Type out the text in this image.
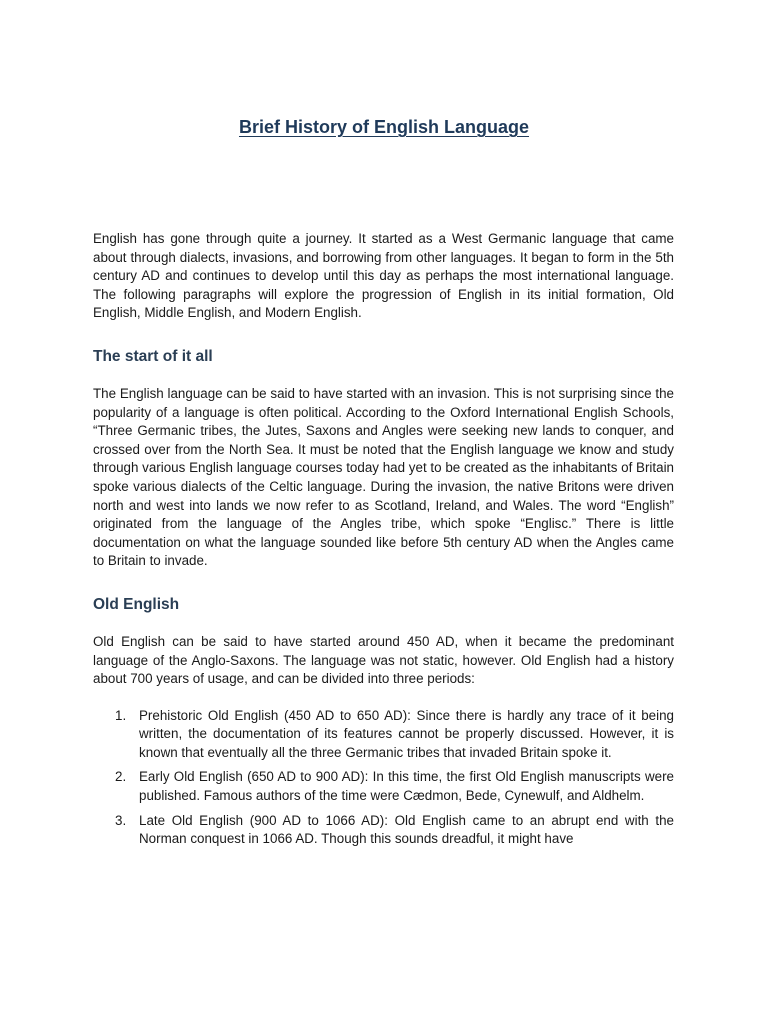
Brief History of English Language

English has gone through quite a journey. It started as a West Germanic language that came about through dialects, invasions, and borrowing from other languages. It began to form in the 5th century AD and continues to develop until this day as perhaps the most international language. The following paragraphs will explore the progression of English in its initial formation, Old English, Middle English, and Modern English.

The start of it all

The English language can be said to have started with an invasion. This is not surprising since the popularity of a language is often political. According to the Oxford International English Schools, “Three Germanic tribes, the Jutes, Saxons and Angles were seeking new lands to conquer, and crossed over from the North Sea. It must be noted that the English language we know and study through various English language courses today had yet to be created as the inhabitants of Britain spoke various dialects of the Celtic language. During the invasion, the native Britons were driven north and west into lands we now refer to as Scotland, Ireland, and Wales. The word “English” originated from the language of the Angles tribe, which spoke “Englisc.” There is little documentation on what the language sounded like before 5th century AD when the Angles came to Britain to invade.

Old English

Old English can be said to have started around 450 AD, when it became the predominant language of the Anglo-Saxons. The language was not static, however. Old English had a history about 700 years of usage, and can be divided into three periods:

1. Prehistoric Old English (450 AD to 650 AD): Since there is hardly any trace of it being written, the documentation of its features cannot be properly discussed. However, it is known that eventually all the three Germanic tribes that invaded Britain spoke it.

2. Early Old English (650 AD to 900 AD): In this time, the first Old English manuscripts were published. Famous authors of the time were Cædmon, Bede, Cynewulf, and Aldhelm.

3. Late Old English (900 AD to 1066 AD): Old English came to an abrupt end with the Norman conquest in 1066 AD. Though this sounds dreadful, it might have
